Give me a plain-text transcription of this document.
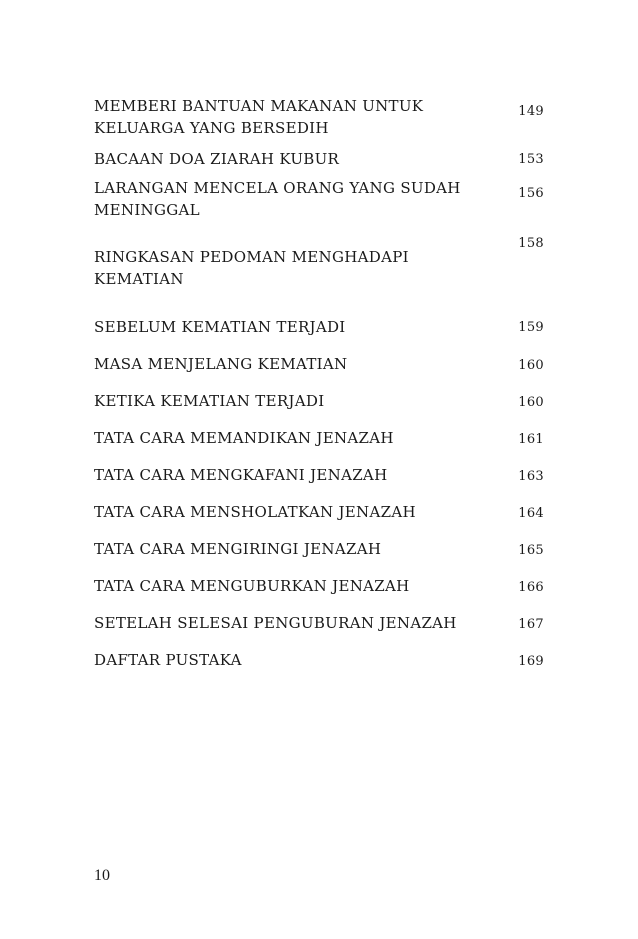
MEMBERI BANTUAN MAKANAN UNTUK KELUARGA YANG BERSEDIH
149
BACAAN DOA ZIARAH KUBUR	153
LARANGAN MENCELA ORANG YANG SUDAH MENINGGAL
156
RINGKASAN PEDOMAN MENGHADAPI KEMATIAN
158
SEBELUM KEMATIAN TERJADI	159
MASA MENJELANG KEMATIAN	160
KETIKA KEMATIAN TERJADI	160
TATA CARA MEMANDIKAN JENAZAH	161
TATA CARA MENGKAFANI JENAZAH	163
TATA CARA MENSHOLATKAN JENAZAH	164
TATA CARA MENGIRINGI JENAZAH	165
TATA CARA MENGUBURKAN JENAZAH	166
SETELAH SELESAI PENGUBURAN JENAZAH	167
DAFTAR PUSTAKA	169
10
